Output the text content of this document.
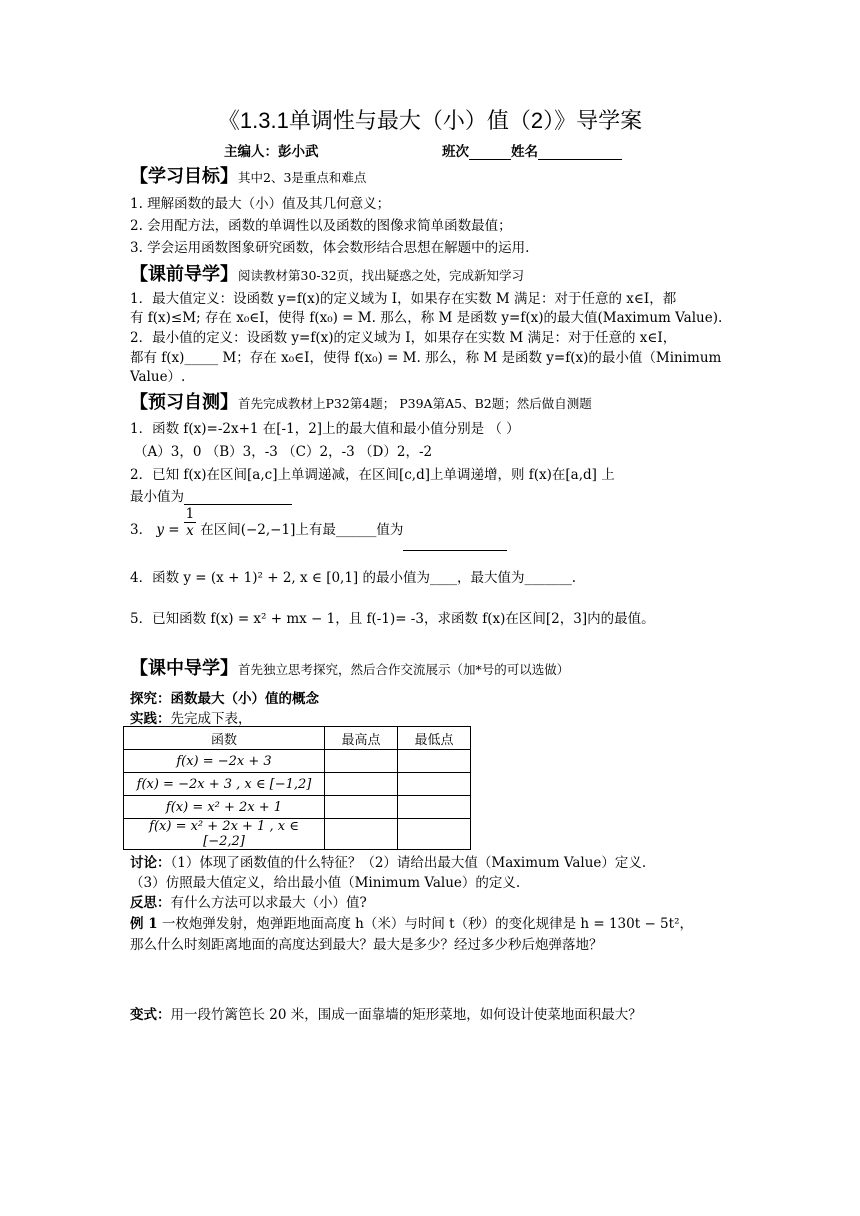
《1.3.1单调性与最大（小）值（2）》导学案
主编人：彭小武	班次	姓名
【学习目标】其中2、3是重点和难点
1. 理解函数的最大（小）值及其几何意义；
2. 会用配方法，函数的单调性以及函数的图像求简单函数最值；
3. 学会运用函数图象研究函数，体会数形结合思想在解题中的运用.
【课前导学】阅读教材第30-32页，找出疑惑之处，完成新知学习
1．最大值定义：设函数 y=f(x)的定义域为 I，如果存在实数 M 满足：对于任意的 x∈I，都
有 f(x)≤M; 存在 x₀∈I，使得 f(x₀) = M. 那么，称 M 是函数 y=f(x)的最大值(Maximum Value).
2．最小值的定义：设函数 y=f(x)的定义域为 I，如果存在实数 M 满足：对于任意的 x∈I，
都有 f(x)_____ M；存在 x₀∈I，使得 f(x₀) = M. 那么，称 M 是函数 y=f(x)的最小值（Minimum
Value）.
【预习自测】首先完成教材上P32第4题； P39A第A5、B2题；然后做自测题
1．函数 f(x)=-2x+1 在[-1，2]上的最大值和最小值分别是 （ ）
（A）3，0 （B）3，-3 （C）2，-3 （D）2，-2
2．已知 f(x)在区间[a,c]上单调递减，在区间[c,d]上单调递增，则 f(x)在[a,d] 上
最小值为
3． $y = \frac{1}{x}$ 在区间(−2,−1]上有最______值为
4．函数 y = (x + 1)² + 2, x ∈ [0,1] 的最小值为____，最大值为_______.
5．已知函数 f(x) = x² + mx − 1，且 f(-1)= -3，求函数 f(x)在区间[2，3]内的最值。
【课中导学】首先独立思考探究，然后合作交流展示（加*号的可以选做）
探究：函数最大（小）值的概念
实践：先完成下表，
函数	最高点	最低点
f(x) = −2x + 3		
f(x) = −2x + 3 , x ∈ [−1,2]		
f(x) = x² + 2x + 1		
f(x) = x² + 2x + 1 , x ∈ [−2,2]		
讨论：（1）体现了函数值的什么特征？（2）请给出最大值（Maximum Value）定义.
（3）仿照最大值定义，给出最小值（Minimum Value）的定义.
反思：有什么方法可以求最大（小）值?
例 1 一枚炮弹发射，炮弹距地面高度 h（米）与时间 t（秒）的变化规律是 h = 130t − 5t²，
那么什么时刻距离地面的高度达到最大？最大是多少？经过多少秒后炮弹落地？
变式：用一段竹篱笆长 20 米，围成一面靠墙的矩形菜地，如何设计使菜地面积最大？
